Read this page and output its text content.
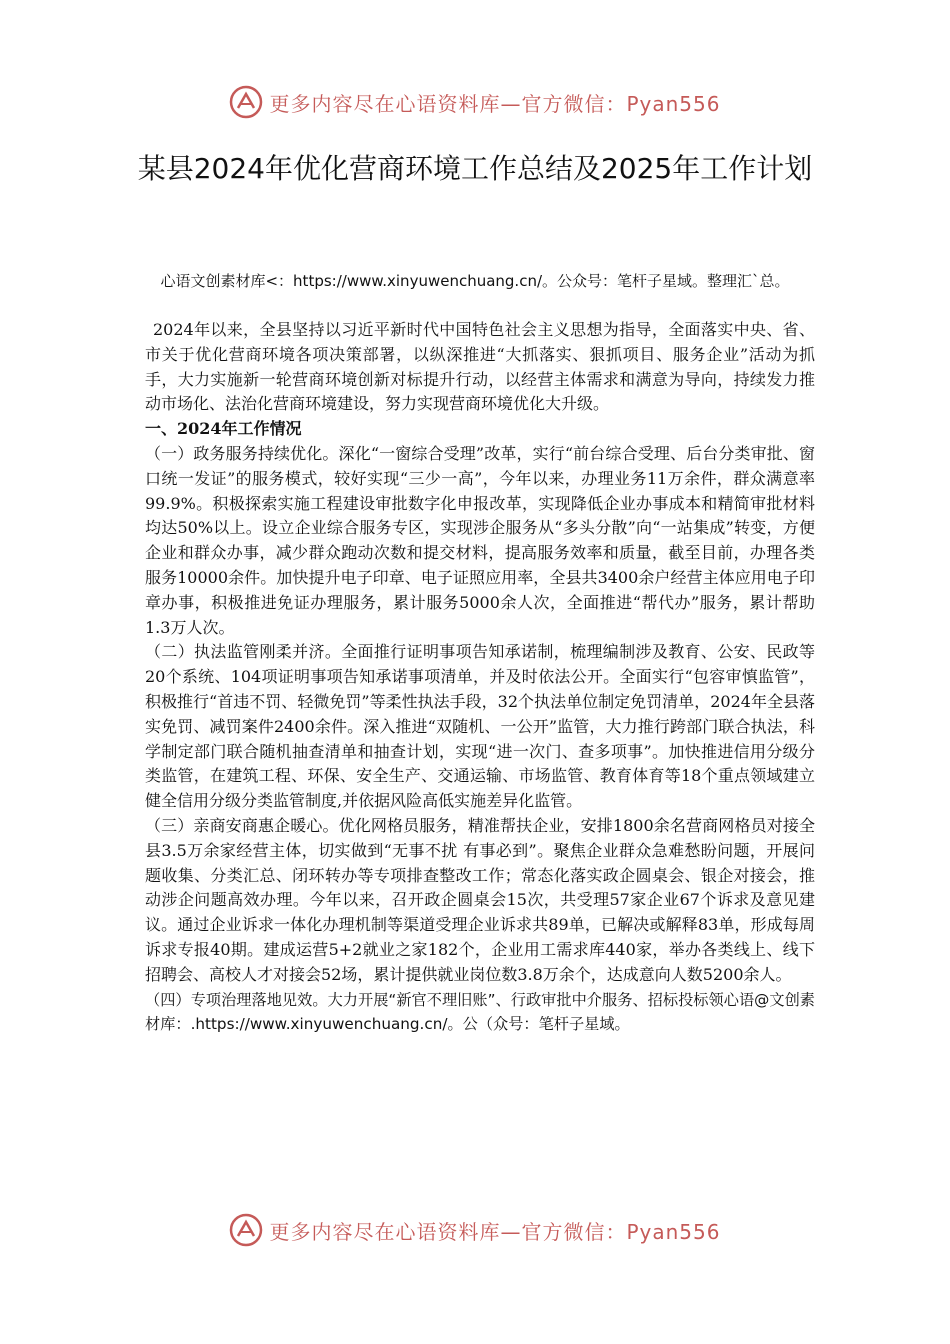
更多内容尽在心语资料库—官方微信：Pyan556
某县2024年优化营商环境工作总结及2025年工作计划
心语文创素材库<：https://www.xinyuwenchuang.cn/。公众号：笔杆子星域。整理汇`总。

2024年以来，全县坚持以习近平新时代中国特色社会主义思想为指导，全面落实中央、省、市关于优化营商环境各项决策部署，以纵深推进“大抓落实、狠抓项目、服务企业”活动为抓手，大力实施新一轮营商环境创新对标提升行动，以经营主体需求和满意为导向，持续发力推动市场化、法治化营商环境建设，努力实现营商环境优化大升级。

一、2024年工作情况

（一）政务服务持续优化。深化“一窗综合受理”改革，实行“前台综合受理、后台分类审批、窗口统一发证”的服务模式，较好实现“三少一高”，今年以来，办理业务11万余件，群众满意率99.9%。积极探索实施工程建设审批数字化申报改革，实现降低企业办事成本和精简审批材料均达50%以上。设立企业综合服务专区，实现涉企服务从“多头分散”向“一站集成”转变，方便企业和群众办事，减少群众跑动次数和提交材料，提高服务效率和质量，截至目前，办理各类服务10000余件。加快提升电子印章、电子证照应用率，全县共3400余户经营主体应用电子印章办事，积极推进免证办理服务，累计服务5000余人次，全面推进“帮代办”服务，累计帮助1.3万人次。

（二）执法监管刚柔并济。全面推行证明事项告知承诺制，梳理编制涉及教育、公安、民政等20个系统、104项证明事项告知承诺事项清单，并及时依法公开。全面实行“包容审慎监管”，积极推行“首违不罚、轻微免罚”等柔性执法手段，32个执法单位制定免罚清单，2024年全县落实免罚、减罚案件2400余件。深入推进“双随机、一公开”监管，大力推行跨部门联合执法，科学制定部门联合随机抽查清单和抽查计划，实现“进一次门、查多项事”。加快推进信用分级分类监管，在建筑工程、环保、安全生产、交通运输、市场监管、教育体育等18个重点领域建立健全信用分级分类监管制度,并依据风险高低实施差异化监管。

（三）亲商安商惠企暖心。优化网格员服务，精准帮扶企业，安排1800余名营商网格员对接全县3.5万余家经营主体，切实做到“无事不扰 有事必到”。聚焦企业群众急难愁盼问题，开展问题收集、分类汇总、闭环转办等专项排查整改工作；常态化落实政企圆桌会、银企对接会，推动涉企问题高效办理。今年以来，召开政企圆桌会15次，共受理57家企业67个诉求及意见建议。通过企业诉求一体化办理机制等渠道受理企业诉求共89单，已解决或解释83单，形成每周诉求专报40期。建成运营5+2就业之家182个，企业用工需求库440家，举办各类线上、线下招聘会、高校人才对接会52场，累计提供就业岗位数3.8万余个，达成意向人数5200余人。

（四）专项治理落地见效。大力开展“新官不理旧账”、行政审批中介服务、招标投标领心语@文创素材库：.https://www.xinyuwenchuang.cn/。公（众号：笔杆子星域。

更多内容尽在心语资料库—官方微信：Pyan556
